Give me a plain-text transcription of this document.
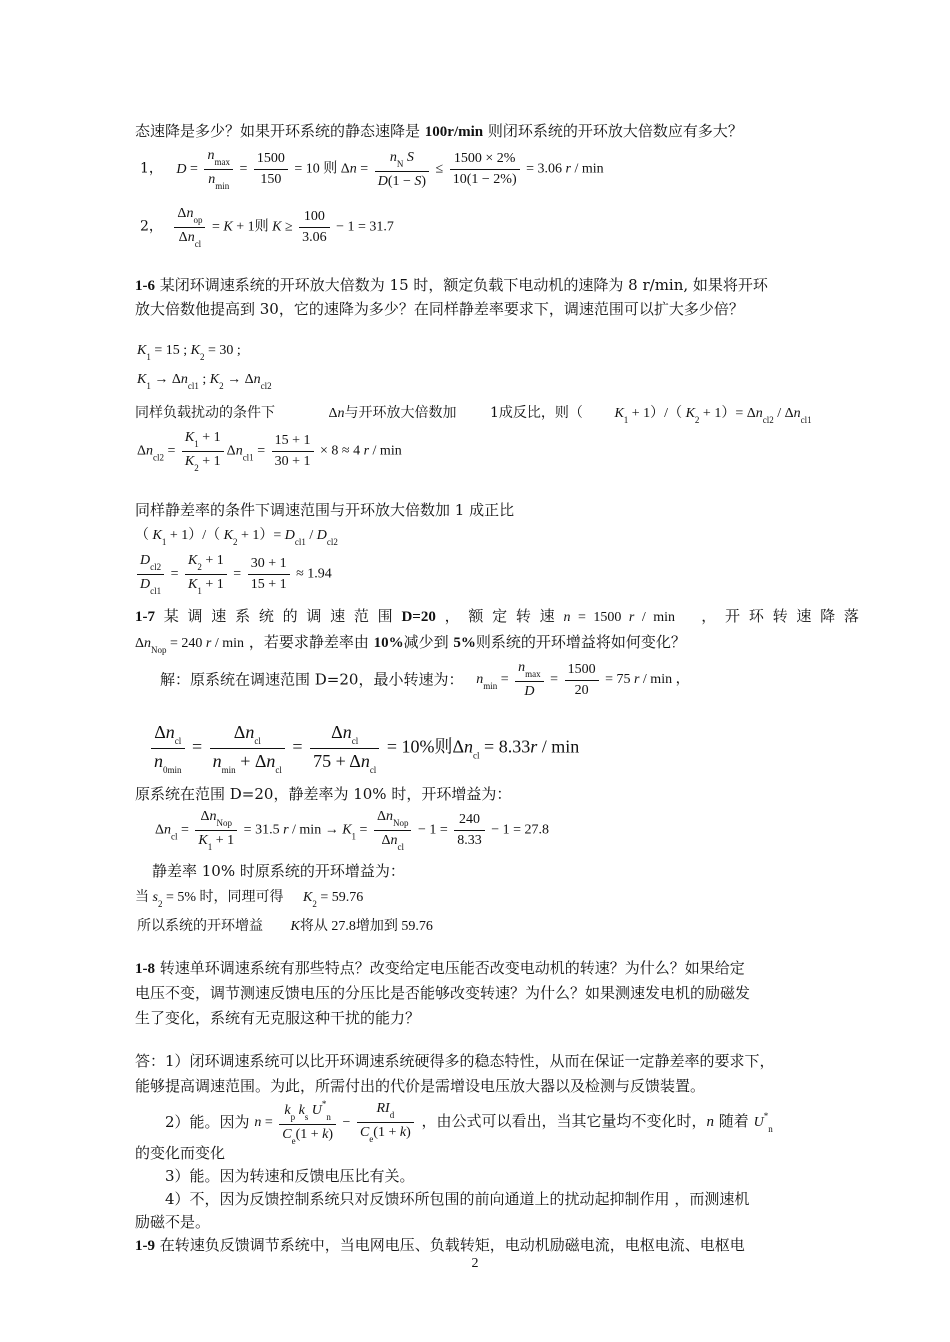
态速降是多少？如果开环系统的静态速降是 100r/min 则闭环系统的开环放大倍数应有多大？
1， $D = \frac{n_{max}}{n_{min}} = \frac{1500}{150} = 10$ 则 $\Delta n = \frac{n_N S}{D(1 - S)} \le \frac{1500 \times 2\%}{10(1 - 2\%)} = 3.06$ r / min
2， $\frac{\Delta n_{op}}{\Delta n_{cl}} = K + 1$则 $K \ge \frac{100}{3.06} - 1 = 31.7$
1-6 某闭环调速系统的开环放大倍数为 15 时，额定负载下电动机的速降为 8 r/min, 如果将开环
放大倍数他提高到 30，它的速降为多少？在同样静差率要求下，调速范围可以扩大多少倍？
$K_1 = 15$ ; $K_2 = 30$ ;
$K_1 \to \Delta n_{cl1}$ ; $K_2 \to \Delta n_{cl2}$
同样负载扰动的条件下	Δn与开环放大倍数加 1成反比，则（ $K_1 + 1)/$（ $K_2 + 1)= \Delta n_{cl2} / \Delta n_{cl1}$
$\Delta n_{cl2} = \frac{K_1 + 1}{K_2 + 1} \Delta n_{cl1} = \frac{15 + 1}{30 + 1} \times 8 \approx 4$ r / min
同样静差率的条件下调速范围与开环放大倍数加 1 成正比
（ $K_1 + 1)/$（ $K_2 + 1)= D_{cl1} / D_{cl2}$
$\frac{D_{cl2}}{D_{cl1}} = \frac{K_2 + 1}{K_1 + 1} = \frac{30 + 1}{15 + 1} \approx 1.94$
1-7 某 调 速 系 统 的 调 速 范 围 D=20 ， 额 定 转 速 n = 1500 r / min   ， 开 环 转 速 降 落
$\Delta n_{Nop} = 240$ r / min ，若要求静差率由 10%减少到 5%则系统的开环增益将如何变化？
解：原系统在调速范围 D=20，最小转速为： $n_{min} = \frac{n_{max}}{D} = \frac{1500}{20} = 75$ r / min ，
$\frac{\Delta n_{cl}}{n_{0min}} = \frac{\Delta n_{cl}}{n_{min} + \Delta n_{cl}} = \frac{\Delta n_{cl}}{75 + \Delta n_{cl}} = 10\%$则$\Delta n_{cl} = 8.33r / \min$
原系统在范围 D=20，静差率为 10% 时，开环增益为：
$\Delta n_{cl} = \frac{\Delta n_{Nop}}{K_1 + 1} = 31.5$ $r / \min \to K_1 = \frac{\Delta n_{Nop}}{\Delta n_{cl}} - 1 = \frac{240}{8.33} - 1 = 27.8$
静差率 10% 时原系统的开环增益为：
当 $s_2 = 5\%$ 时，同理可得 $K_2 = 59.76$
所以系统的开环增益 K将从 27.8增加到 59.76
1-8 转速单环调速系统有那些特点？改变给定电压能否改变电动机的转速？为什么？如果给定
电压不变，调节测速反馈电压的分压比是否能够改变转速？为什么？如果测速发电机的励磁发
生了变化，系统有无克服这种干扰的能力？
答：1）闭环调速系统可以比开环调速系统硬得多的稳态特性，从而在保证一定静差率的要求下，
能够提高调速范围。为此，所需付出的代价是需增设电压放大器以及检测与反馈装置。
2）能。因为 $n = \frac{k_p k_s U^*_n}{C_e(1 + k)} - \frac{RI_d}{C_e(1 + k)}$ ，由公式可以看出，当其它量均不变化时，n 随着 $U^*_n$
的变化而变化
3）能。因为转速和反馈电压比有关。
4）不，因为反馈控制系统只对反馈环所包围的前向通道上的扰动起抑制作用 ，而测速机
励磁不是。
1-9 在转速负反馈调节系统中，当电网电压、负载转矩，电动机励磁电流，电枢电流、电枢电
2
